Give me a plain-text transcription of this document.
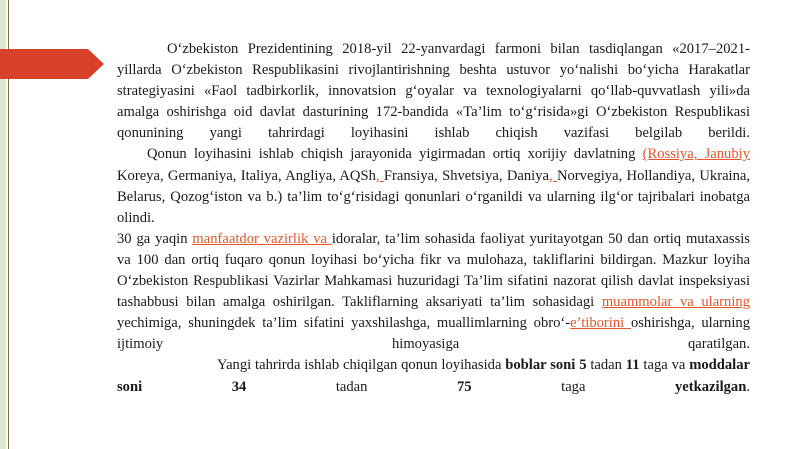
O‘zbekiston Prezidentining 2018-yil 22-yanvardagi farmoni bilan tasdiqlangan «2017–2021-yillarda O‘zbekiston Respublikasini rivojlantirishning beshta ustuvor yo‘nalishi bo‘yicha Harakatlar strategiyasini «Faol tadbirkorlik, innovatsion g‘oyalar va texnologiyalarni qo‘llab-quvvatlash yili»da amalga oshirishga oid davlat dasturining 172-bandida «Ta’lim to‘g‘risida»gi O‘zbekiston Respublikasi qonunining yangi tahrirdagi loyihasini ishlab chiqish vazifasi belgilab berildi.

Qonun loyihasini ishlab chiqish jarayonida yigirmadan ortiq xorijiy davlatning (Rossiya, Janubiy Koreya, Germaniya, Italiya, Angliya, AQSh, Fransiya, Shvetsiya, Daniya, Norvegiya, Hollandiya, Ukraina, Belarus, Qozog‘iston va b.) ta’lim to‘g‘risidagi qonunlari o‘rganildi va ularning ilg‘or tajribalari inobatga olindi.

30 ga yaqin manfaatdor vazirlik va idoralar, ta’lim sohasida faoliyat yuritayotgan 50 dan ortiq mutaxassis va 100 dan ortiq fuqaro qonun loyihasi bo‘yicha fikr va mulohaza, takliflarini bildirgan. Mazkur loyiha O‘zbekiston Respublikasi Vazirlar Mahkamasi huzuridagi Ta’lim sifatini nazorat qilish davlat inspeksiyasi tashabbusi bilan amalga oshirilgan. Takliflarning aksariyati ta’lim sohasidagi muammolar va ularning yechimiga, shuningdek ta’lim sifatini yaxshilashga, muallimlarning obro‘-e’tiborini oshirishga, ularning ijtimoiy himoyasiga qaratilgan.

Yangi tahrirda ishlab chiqilgan qonun loyihasida boblar soni 5 tadan 11 taga va moddalar soni 34 tadan 75 taga yetkazilgan.
